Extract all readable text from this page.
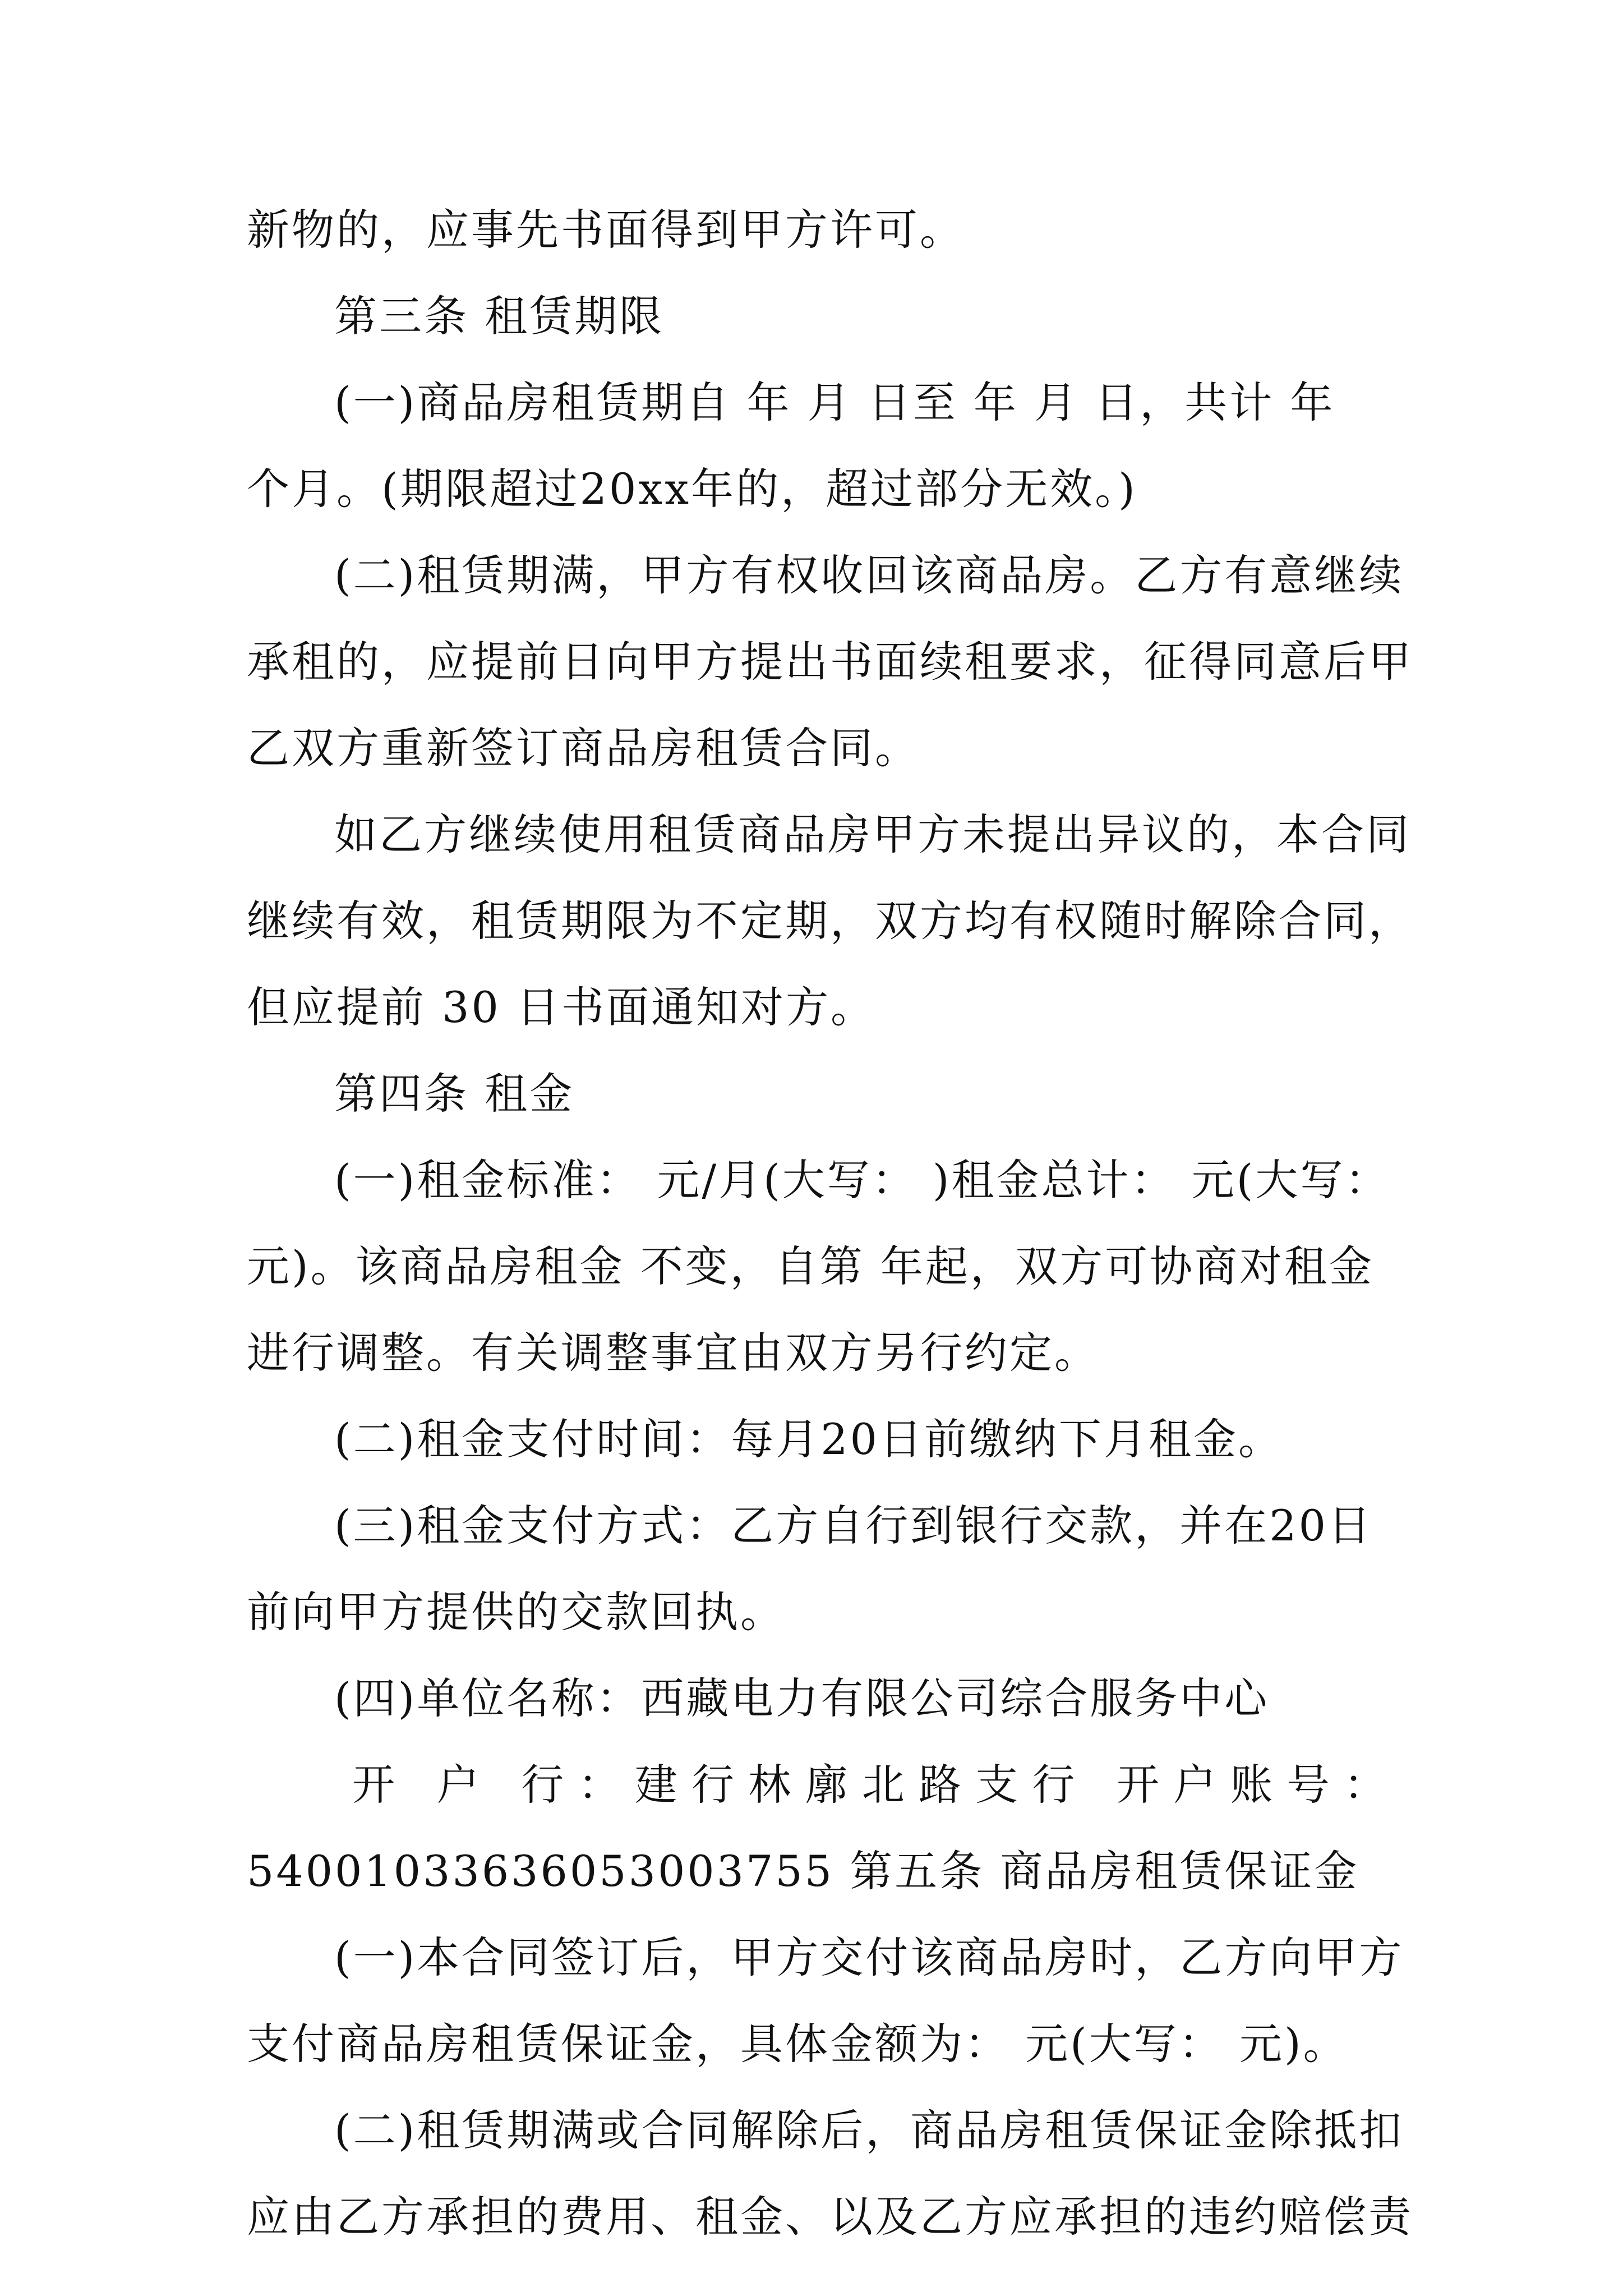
新物的，应事先书面得到甲方许可。
第三条 租赁期限
(一)商品房租赁期自 年 月 日至 年 月 日，共计 年
个月。(期限超过20xx年的，超过部分无效。)
(二)租赁期满，甲方有权收回该商品房。乙方有意继续
承租的，应提前日向甲方提出书面续租要求，征得同意后甲
乙双方重新签订商品房租赁合同。
如乙方继续使用租赁商品房甲方未提出异议的，本合同
继续有效，租赁期限为不定期，双方均有权随时解除合同，
但应提前 30 日书面通知对方。
第四条 租金
(一)租金标准： 元/月(大写： )租金总计： 元(大写：
元)。该商品房租金 不变，自第 年起，双方可协商对租金
进行调整。有关调整事宜由双方另行约定。
(二)租金支付时间：每月20日前缴纳下月租金。
(三)租金支付方式：乙方自行到银行交款，并在20日
前向甲方提供的交款回执。
(四)单位名称：西藏电力有限公司综合服务中心
开 户 行：建行林廓北路支行 开户账号：
54001033636053003755 第五条 商品房租赁保证金
(一)本合同签订后，甲方交付该商品房时，乙方向甲方
支付商品房租赁保证金，具体金额为： 元(大写： 元)。
(二)租赁期满或合同解除后，商品房租赁保证金除抵扣
应由乙方承担的费用、租金、以及乙方应承担的违约赔偿责
